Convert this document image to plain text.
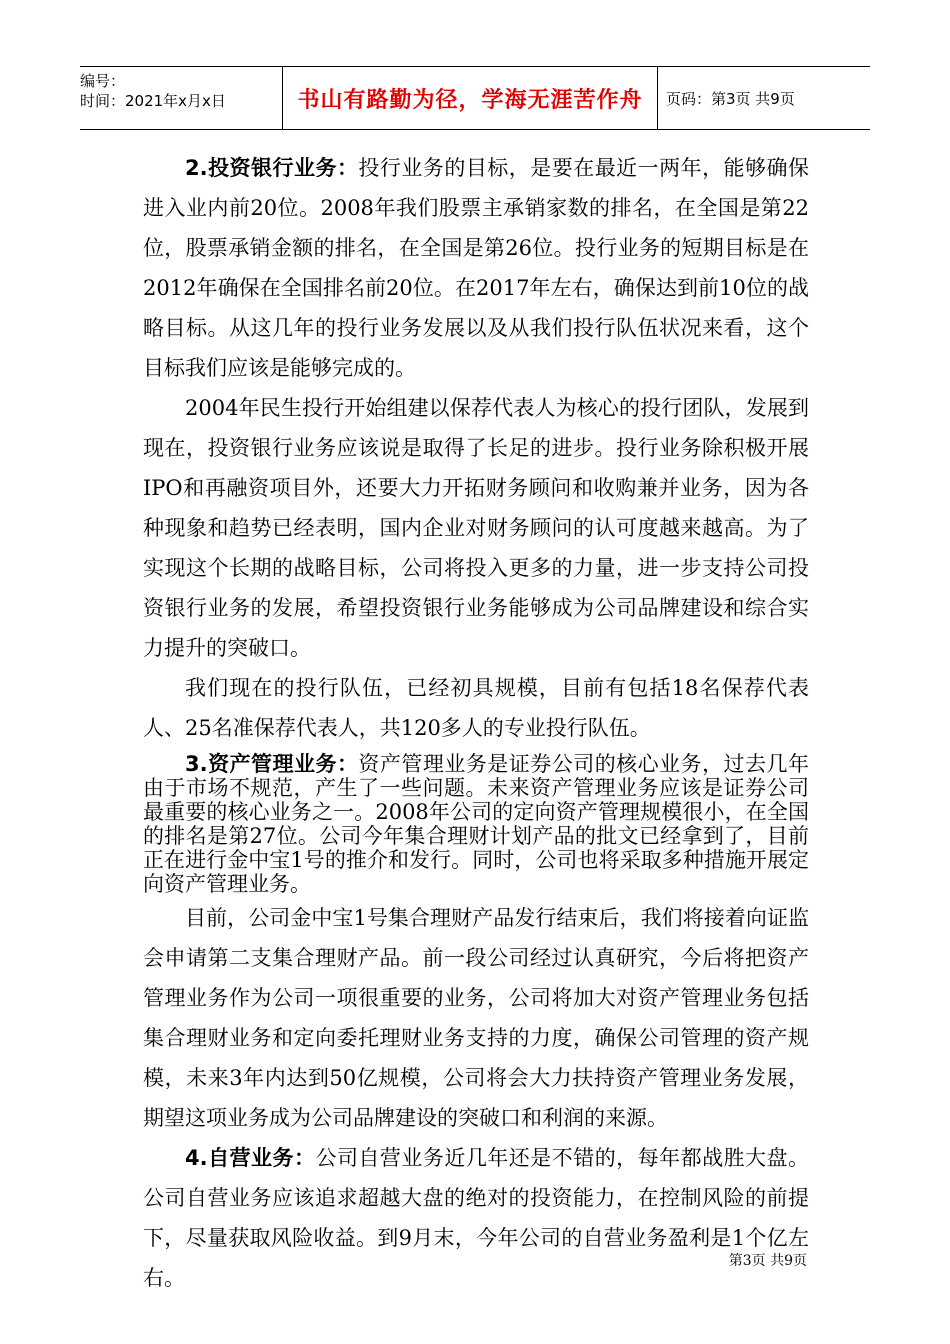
编号：
时间：2021年x月x日	书山有路勤为径，学海无涯苦作舟	页码：第3页 共9页

2.投资银行业务：投行业务的目标，是要在最近一两年，能够确保进入业内前20位。2008年我们股票主承销家数的排名，在全国是第22位，股票承销金额的排名，在全国是第26位。投行业务的短期目标是在2012年确保在全国排名前20位。在2017年左右，确保达到前10位的战略目标。从这几年的投行业务发展以及从我们投行队伍状况来看，这个目标我们应该是能够完成的。

2004年民生投行开始组建以保荐代表人为核心的投行团队，发展到现在，投资银行业务应该说是取得了长足的进步。投行业务除积极开展IPO和再融资项目外，还要大力开拓财务顾问和收购兼并业务，因为各种现象和趋势已经表明，国内企业对财务顾问的认可度越来越高。为了实现这个长期的战略目标，公司将投入更多的力量，进一步支持公司投资银行业务的发展，希望投资银行业务能够成为公司品牌建设和综合实力提升的突破口。

我们现在的投行队伍，已经初具规模，目前有包括18名保荐代表人、25名准保荐代表人，共120多人的专业投行队伍。

3.资产管理业务：资产管理业务是证券公司的核心业务，过去几年由于市场不规范，产生了一些问题。未来资产管理业务应该是证券公司最重要的核心业务之一。2008年公司的定向资产管理规模很小，在全国的排名是第27位。公司今年集合理财计划产品的批文已经拿到了，目前正在进行金中宝1号的推介和发行。同时，公司也将采取多种措施开展定向资产管理业务。

目前，公司金中宝1号集合理财产品发行结束后，我们将接着向证监会申请第二支集合理财产品。前一段公司经过认真研究，今后将把资产管理业务作为公司一项很重要的业务，公司将加大对资产管理业务包括集合理财业务和定向委托理财业务支持的力度，确保公司管理的资产规模，未来3年内达到50亿规模，公司将会大力扶持资产管理业务发展，期望这项业务成为公司品牌建设的突破口和利润的来源。

4.自营业务：公司自营业务近几年还是不错的，每年都战胜大盘。公司自营业务应该追求超越大盘的绝对的投资能力，在控制风险的前提下，尽量获取风险收益。到9月末，今年公司的自营业务盈利是1个亿左右。

第3页 共9页
